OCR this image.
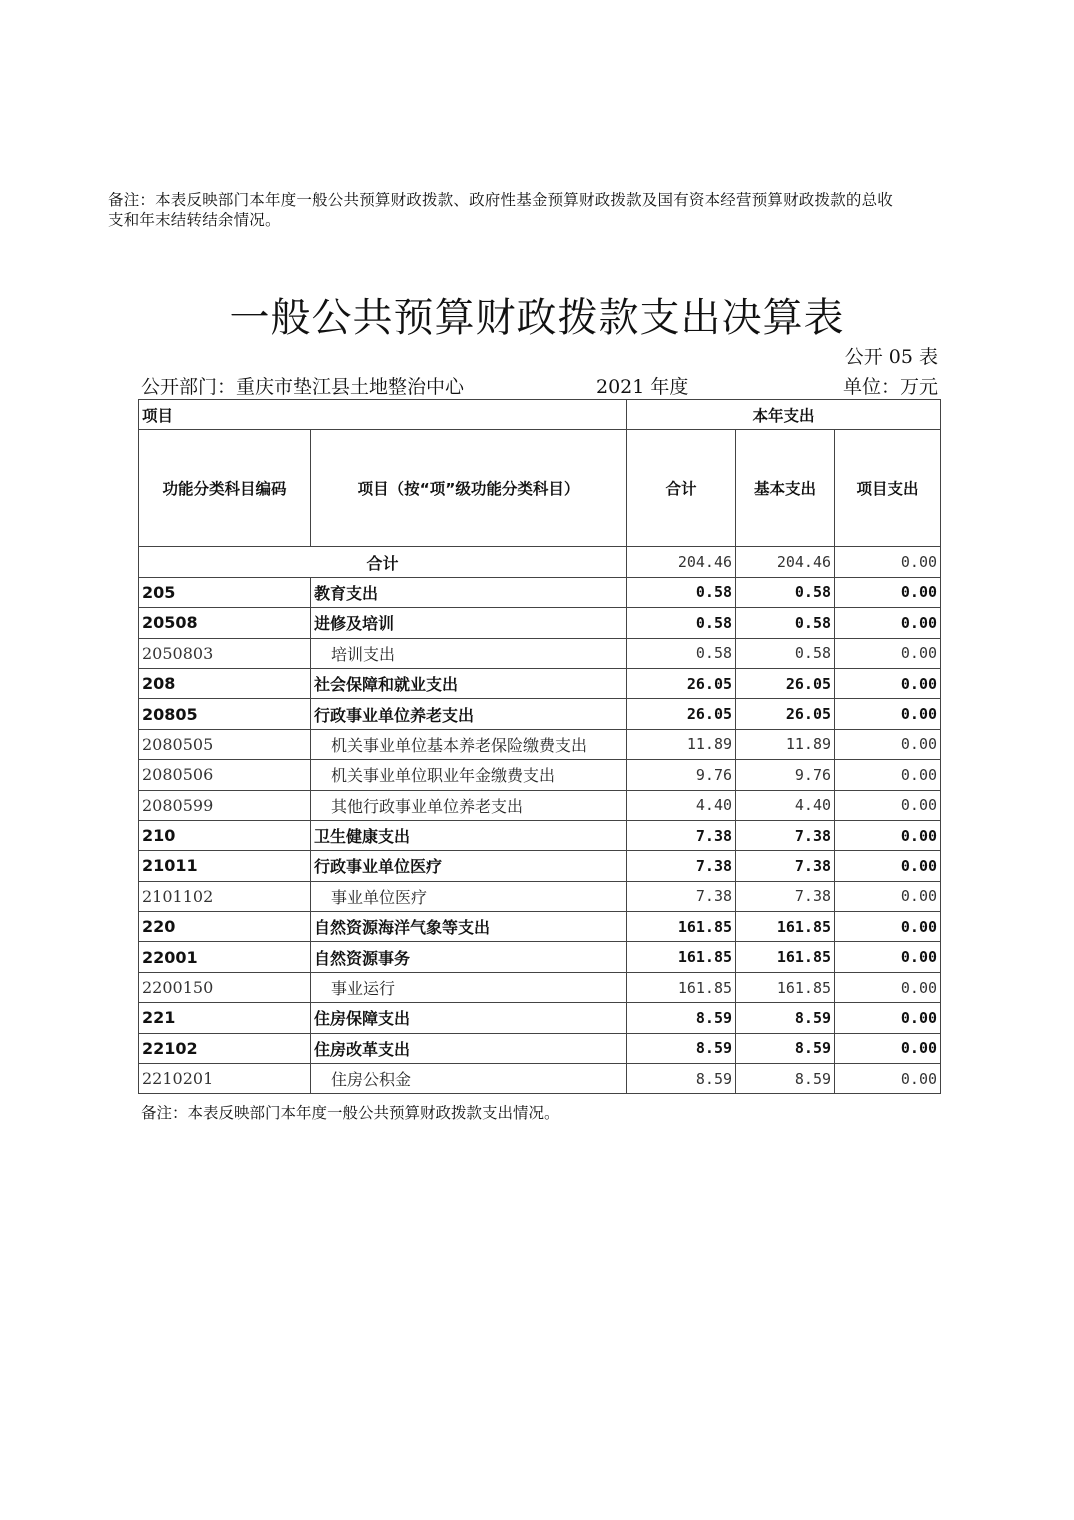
备注：本表反映部门本年度一般公共预算财政拨款、政府性基金预算财政拨款及国有资本经营预算财政拨款的总收支和年末结转结余情况。
一般公共预算财政拨款支出决算表
公开 05 表
公开部门：重庆市垫江县土地整治中心	2021 年度	单位：万元
项目		本年支出		
功能分类科目编码	项目（按“项”级功能分类科目）	合计	基本支出	项目支出
合计		204.46	204.46	0.00
205	教育支出	0.58	0.58	0.00
20508	进修及培训	0.58	0.58	0.00
2050803	培训支出	0.58	0.58	0.00
208	社会保障和就业支出	26.05	26.05	0.00
20805	行政事业单位养老支出	26.05	26.05	0.00
2080505	机关事业单位基本养老保险缴费支出	11.89	11.89	0.00
2080506	机关事业单位职业年金缴费支出	9.76	9.76	0.00
2080599	其他行政事业单位养老支出	4.40	4.40	0.00
210	卫生健康支出	7.38	7.38	0.00
21011	行政事业单位医疗	7.38	7.38	0.00
2101102	事业单位医疗	7.38	7.38	0.00
220	自然资源海洋气象等支出	161.85	161.85	0.00
22001	自然资源事务	161.85	161.85	0.00
2200150	事业运行	161.85	161.85	0.00
221	住房保障支出	8.59	8.59	0.00
22102	住房改革支出	8.59	8.59	0.00
2210201	住房公积金	8.59	8.59	0.00
备注：本表反映部门本年度一般公共预算财政拨款支出情况。
